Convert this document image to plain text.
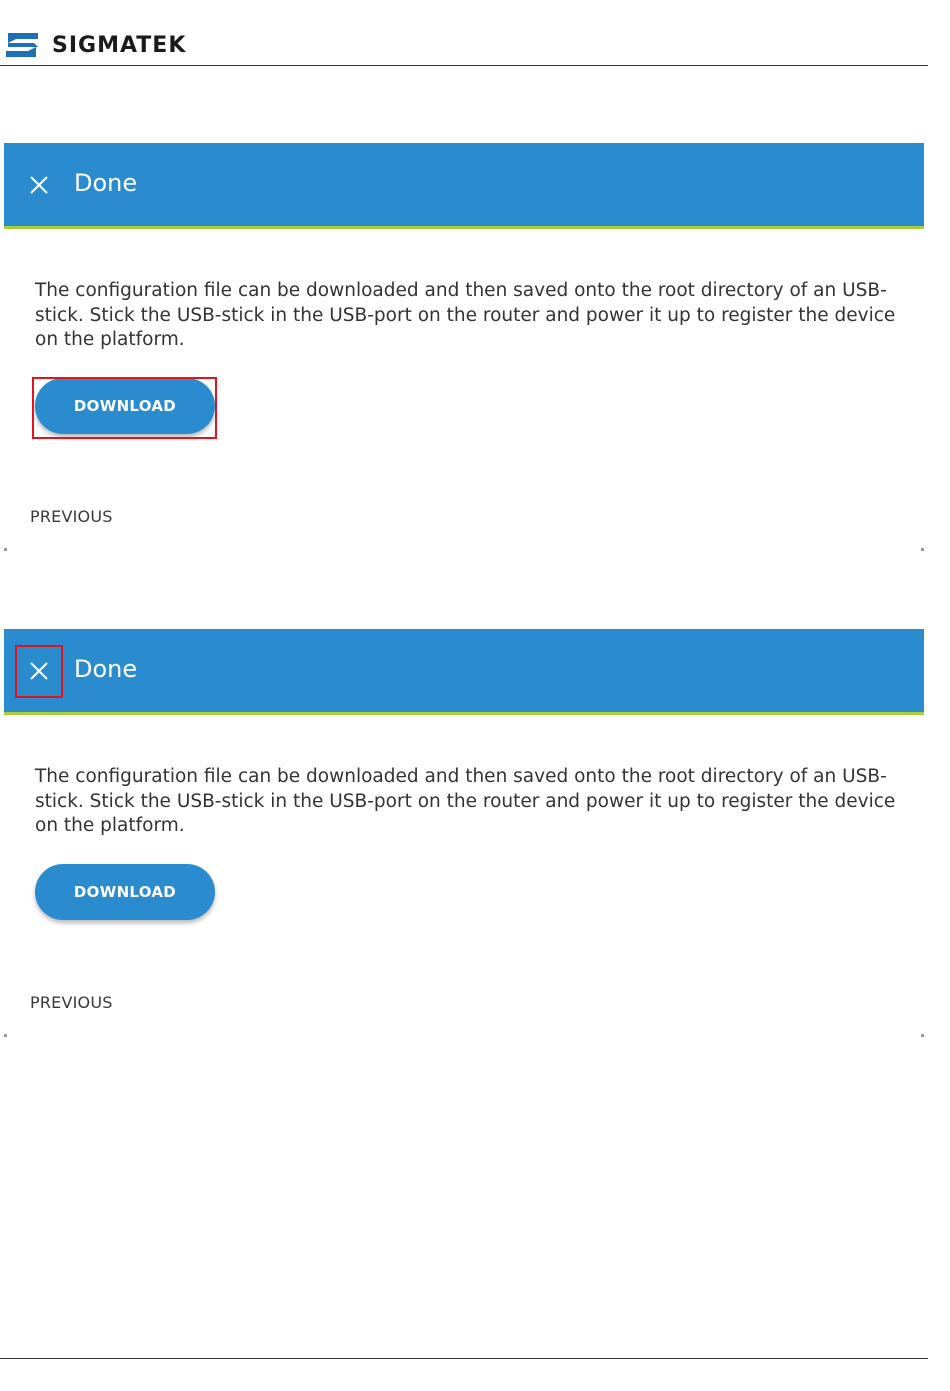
SIGMATEK
Done
The configuration file can be downloaded and then saved onto the root directory of an USB-stick. Stick the USB-stick in the USB-port on the router and power it up to register the device on the platform.
DOWNLOAD
PREVIOUS
Done
The configuration file can be downloaded and then saved onto the root directory of an USB-stick. Stick the USB-stick in the USB-port on the router and power it up to register the device on the platform.
DOWNLOAD
PREVIOUS
